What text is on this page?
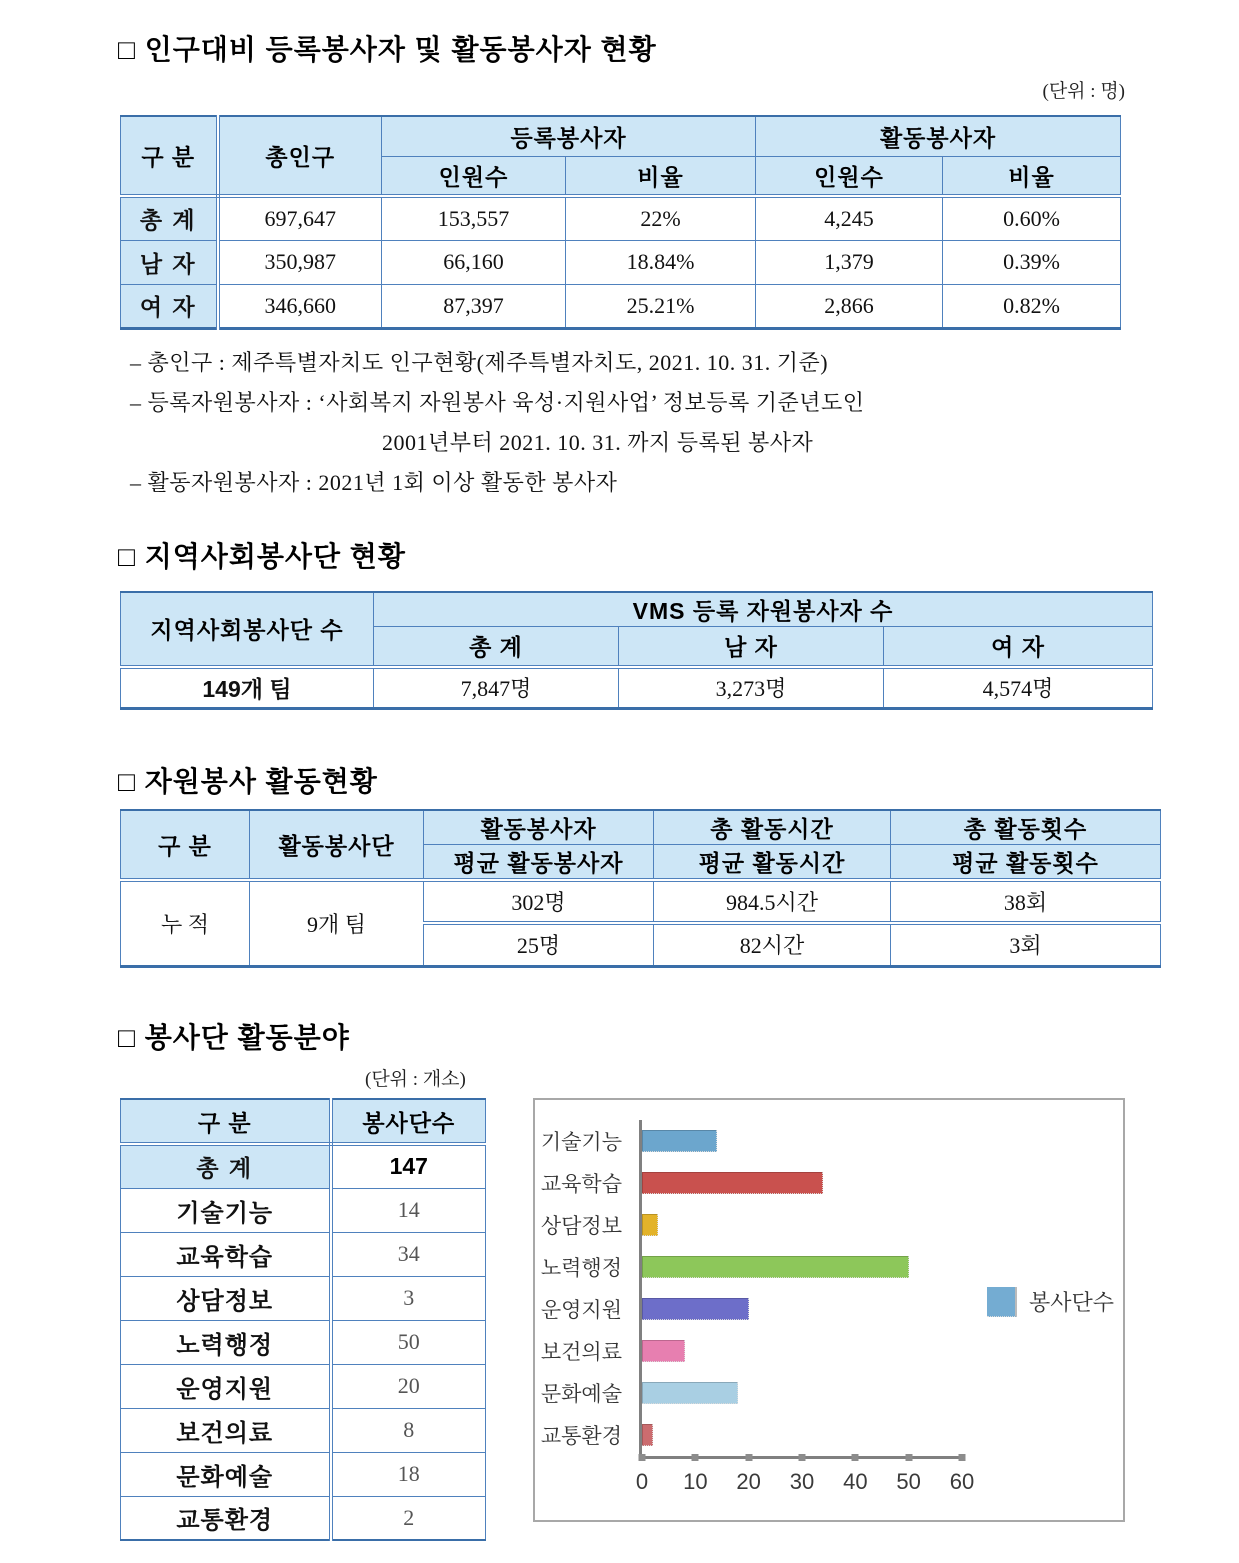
□ 인구대비 등록봉사자 및 활동봉사자 현황
(단위 : 명)
구 분	총인구	등록봉사자		활동봉사자	
		인원수	비율	인원수	비율
총 계	697,647	153,557	22%	4,245	0.60%
남 자	350,987	66,160	18.84%	1,379	0.39%
여 자	346,660	87,397	25.21%	2,866	0.82%
– 총인구 : 제주특별자치도 인구현황(제주특별자치도, 2021. 10. 31. 기준)
– 등록자원봉사자 : ‘사회복지 자원봉사 육성·지원사업’ 정보등록 기준년도인
2001년부터 2021. 10. 31. 까지 등록된 봉사자
– 활동자원봉사자 : 2021년 1회 이상 활동한 봉사자
□ 지역사회봉사단 현황
지역사회봉사단 수	VMS 등록 자원봉사자 수		
	총 계	남 자	여 자
149개 팀	7,847명	3,273명	4,574명
□ 자원봉사 활동현황
구 분	활동봉사단	활동봉사자	총 활동시간	총 활동횟수
		평균 활동봉사자	평균 활동시간	평균 활동횟수
누 적	9개 팀	302명	984.5시간	38회
		25명	82시간	3회
□ 봉사단 활동분야
(단위 : 개소)
구 분	봉사단수
총 계	147
기술기능	14
교육학습	34
상담정보	3
노력행정	50
운영지원	20
보건의료	8
문화예술	18
교통환경	2
기술기능
교육학습
상담정보
노력행정
운영지원
보건의료
문화예술
교통환경
0 10 20 30 40 50 60
봉사단수
